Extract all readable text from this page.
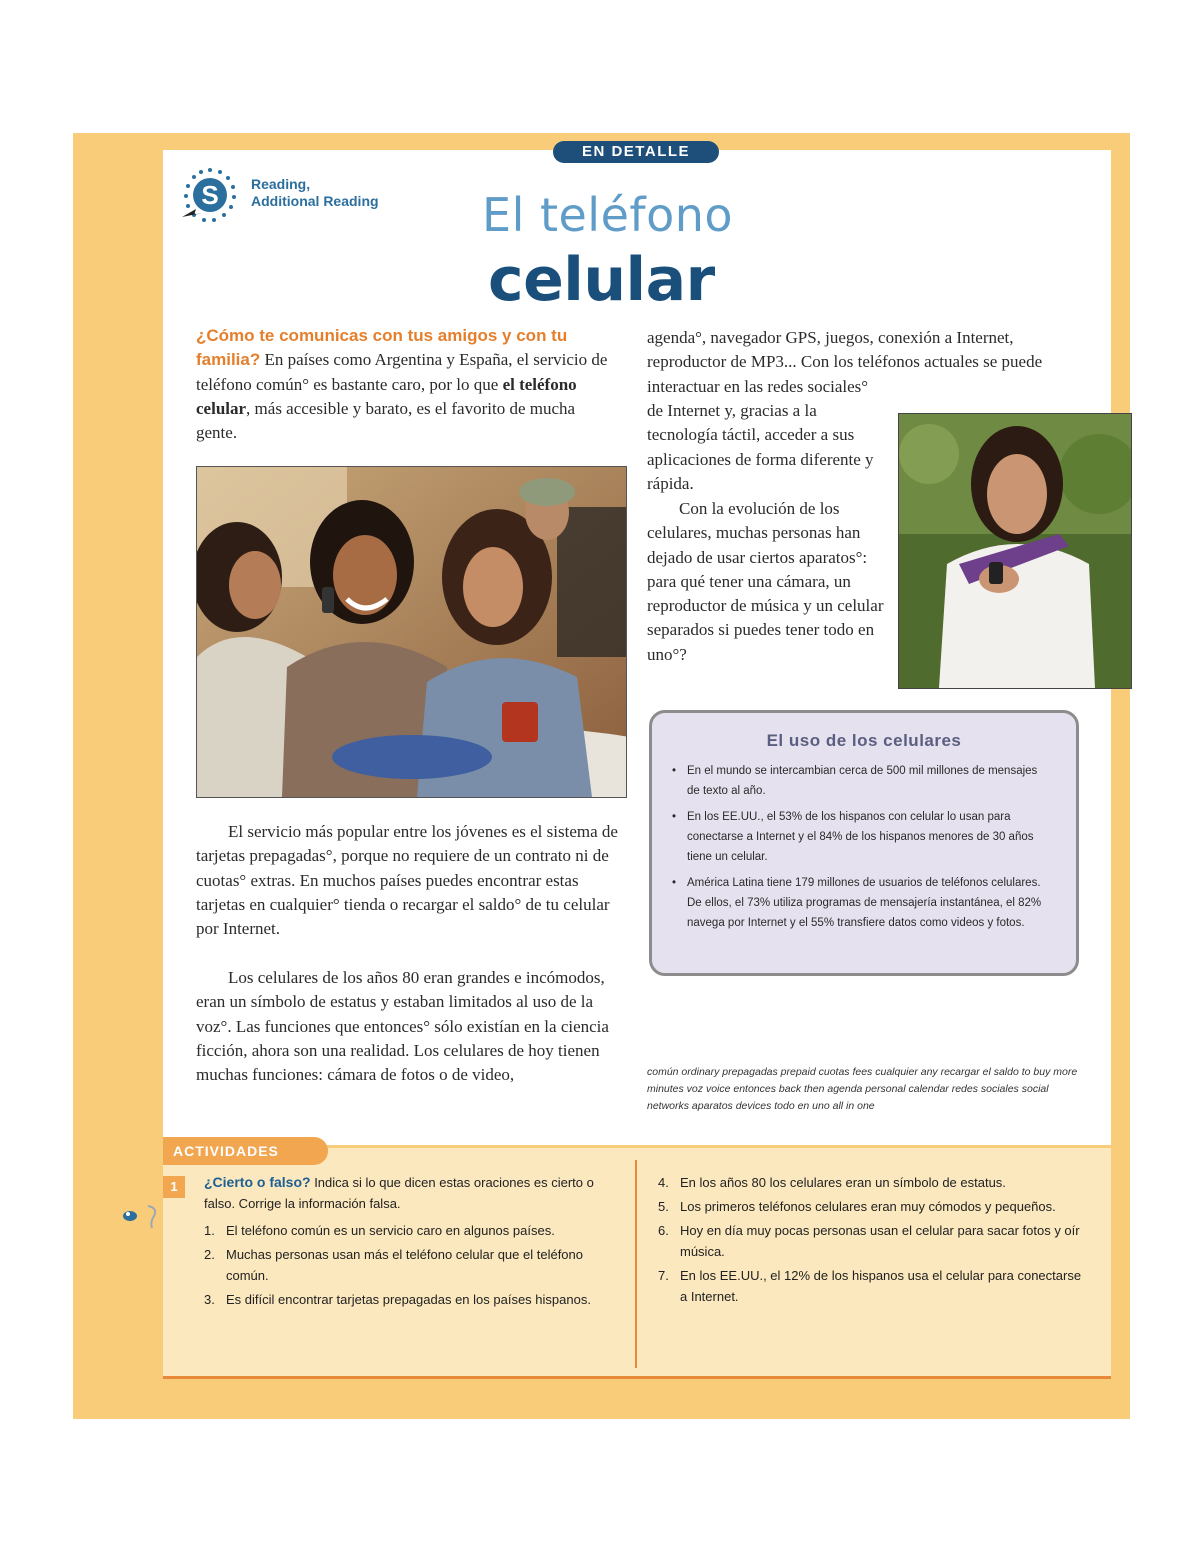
EN DETALLE
S Reading,
Additional Reading El teléfono
celular

¿Cómo te comunicas con tus amigos y con tu familia? En países como Argentina y España, el servicio de teléfono común° es bastante caro, por lo que el teléfono celular, más accesible y barato, es el favorito de mucha gente.

El servicio más popular entre los jóvenes es el sistema de tarjetas prepagadas°, porque no requiere de un contrato ni de cuotas° extras. En muchos países puedes encontrar estas tarjetas en cualquier° tienda o recargar el saldo° de tu celular por Internet.

Los celulares de los años 80 eran grandes e incómodos, eran un símbolo de estatus y estaban limitados al uso de la voz°. Las funciones que entonces° sólo existían en la ciencia ficción, ahora son una realidad. Los celulares de hoy tienen muchas funciones: cámara de fotos o de video,

agenda°, navegador GPS, juegos, conexión a Internet, reproductor de MP3... Con los teléfonos actuales se puede interactuar en las redes sociales°

de Internet y, gracias a la tecnología táctil, acceder a sus aplicaciones de forma diferente y rápida.

Con la evolución de los celulares, muchas personas han dejado de usar ciertos aparatos°: para qué tener una cámara, un reproductor de música y un celular separados si puedes tener todo en uno°?

El uso de los celulares
• En el mundo se intercambian cerca de 500 mil millones de mensajes de texto al año.
• En los EE.UU., el 53% de los hispanos con celular lo usan para conectarse a Internet y el 84% de los hispanos menores de 30 años tiene un celular.
• América Latina tiene 179 millones de usuarios de teléfonos celulares. De ellos, el 73% utiliza programas de mensajería instantánea, el 82% navega por Internet y el 55% transfiere datos como videos y fotos.
común ordinary prepagadas prepaid cuotas fees cualquier any recargar el saldo to buy more minutes voz voice entonces back then agenda personal calendar redes sociales social networks aparatos devices todo en uno all in one
ACTIVIDADES
1	¿Cierto o falso? Indica si lo que dicen estas oraciones es cierto o falso. Corrige la información falsa.
1. El teléfono común es un servicio caro en algunos países.
2. Muchas personas usan más el teléfono celular que el teléfono común.
3. Es difícil encontrar tarjetas prepagadas en los países hispanos.
4. En los años 80 los celulares eran un símbolo de estatus.
5. Los primeros teléfonos celulares eran muy cómodos y pequeños.
6. Hoy en día muy pocas personas usan el celular para sacar fotos y oír música.
7. En los EE.UU., el 12% de los hispanos usa el celular para conectarse a Internet.
